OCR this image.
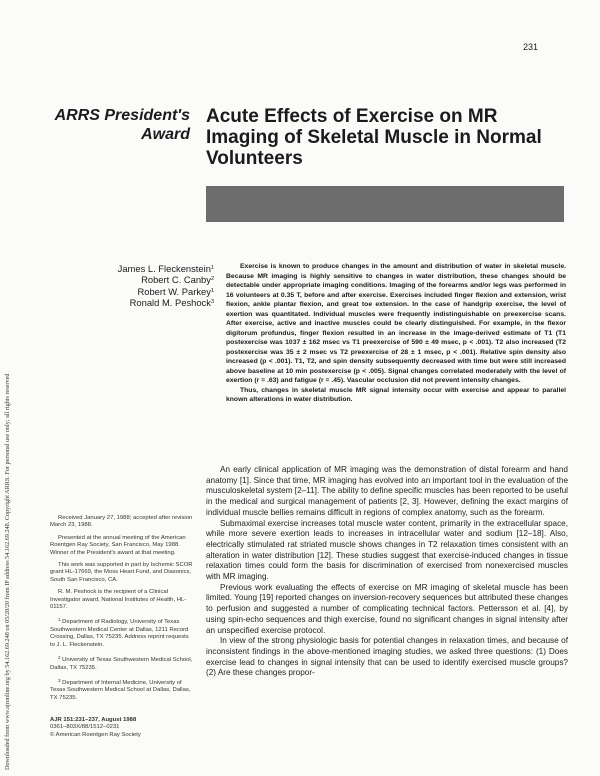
Downloaded from www.ajronline.org by 54.162.69.248 on 05/28/20 from IP address 54.162.69.248. Copyright ARRS. For personal use only; all rights reserved
231
ARRS President's
Award
Acute Effects of Exercise on MR Imaging of Skeletal Muscle in Normal Volunteers
James L. Fleckenstein$^1$
Robert C. Canby$^2$
Robert W. Parkey$^1$
Ronald M. Peshock$^3$

Exercise is known to produce changes in the amount and distribution of water in skeletal muscle. Because MR imaging is highly sensitive to changes in water distribution, these changes should be detectable under appropriate imaging conditions. Imaging of the forearms and/or legs was performed in 16 volunteers at 0.35 T, before and after exercise. Exercises included finger flexion and extension, wrist flexion, ankle plantar flexion, and great toe extension. In the case of handgrip exercise, the level of exertion was quantitated. Individual muscles were frequently indistinguishable on preexercise scans. After exercise, active and inactive muscles could be clearly distinguished. For example, in the flexor digitorum profundus, finger flexion resulted in an increase in the image-derived estimate of T1 (T1 postexercise was 1037 ± 162 msec vs T1 preexercise of 590 ± 49 msec, p < .001). T2 also increased (T2 postexercise was 35 ± 2 msec vs T2 preexercise of 28 ± 1 msec, p < .001). Relative spin density also increased (p < .001). T1, T2, and spin density subsequently decreased with time but were still increased above baseline at 10 min postexercise (p < .005). Signal changes correlated moderately with the level of exertion (r = .63) and fatigue (r = .45). Vascular occlusion did not prevent intensity changes.

Thus, changes in skeletal muscle MR signal intensity occur with exercise and appear to parallel known alterations in water distribution.

An early clinical application of MR imaging was the demonstration of distal forearm and hand anatomy [1]. Since that time, MR imaging has evolved into an important tool in the evaluation of the musculoskeletal system [2–11]. The ability to define specific muscles has been reported to be useful in the medical and surgical management of patients [2, 3]. However, defining the exact margins of individual muscle bellies remains difficult in regions of complex anatomy, such as the forearm.

Submaximal exercise increases total muscle water content, primarily in the extracellular space, while more severe exertion leads to increases in intracellular water and sodium [12–18]. Also, electrically stimulated rat striated muscle shows changes in T2 relaxation times consistent with an alteration in water distribution [12]. These studies suggest that exercise-induced changes in tissue relaxation times could form the basis for discrimination of exercised from nonexercised muscles with MR imaging.

Previous work evaluating the effects of exercise on MR imaging of skeletal muscle has been limited. Young [19] reported changes on inversion-recovery sequences but attributed these changes to perfusion and suggested a number of complicating technical factors. Pettersson et al. [4], by using spin-echo sequences and thigh exercise, found no significant changes in signal intensity after an unspecified exercise protocol.

In view of the strong physiologic basis for potential changes in relaxation times, and because of inconsistent findings in the above-mentioned imaging studies, we asked three questions: (1) Does exercise lead to changes in signal intensity that can be used to identify exercised muscle groups? (2) Are these changes propor-

Received January 27, 1988; accepted after revision March 23, 1988.

Presented at the annual meeting of the American Roentgen Ray Society, San Francisco, May 1988. Winner of the President's award at that meeting.

This work was supported in part by Ischemic SCOR grant HL-17669, the Moss Heart Fund, and Diasonics, South San Francisco, CA.

R. M. Peshock is the recipient of a Clinical Investigator award, National Institutes of Health, HL-01157.

$^1$ Department of Radiology, University of Texas Southwestern Medical Center at Dallas, 1211 Record Crossing, Dallas, TX 75235. Address reprint requests to J. L. Fleckenstein.

$^2$ University of Texas Southwestern Medical School, Dallas, TX 75235.

$^3$ Department of Internal Medicine, University of Texas Southwestern Medical School at Dallas, Dallas, TX 75235.

AJR 151:231–237, August 1988
0361–803X/88/1512–0231
© American Roentgen Ray Society
